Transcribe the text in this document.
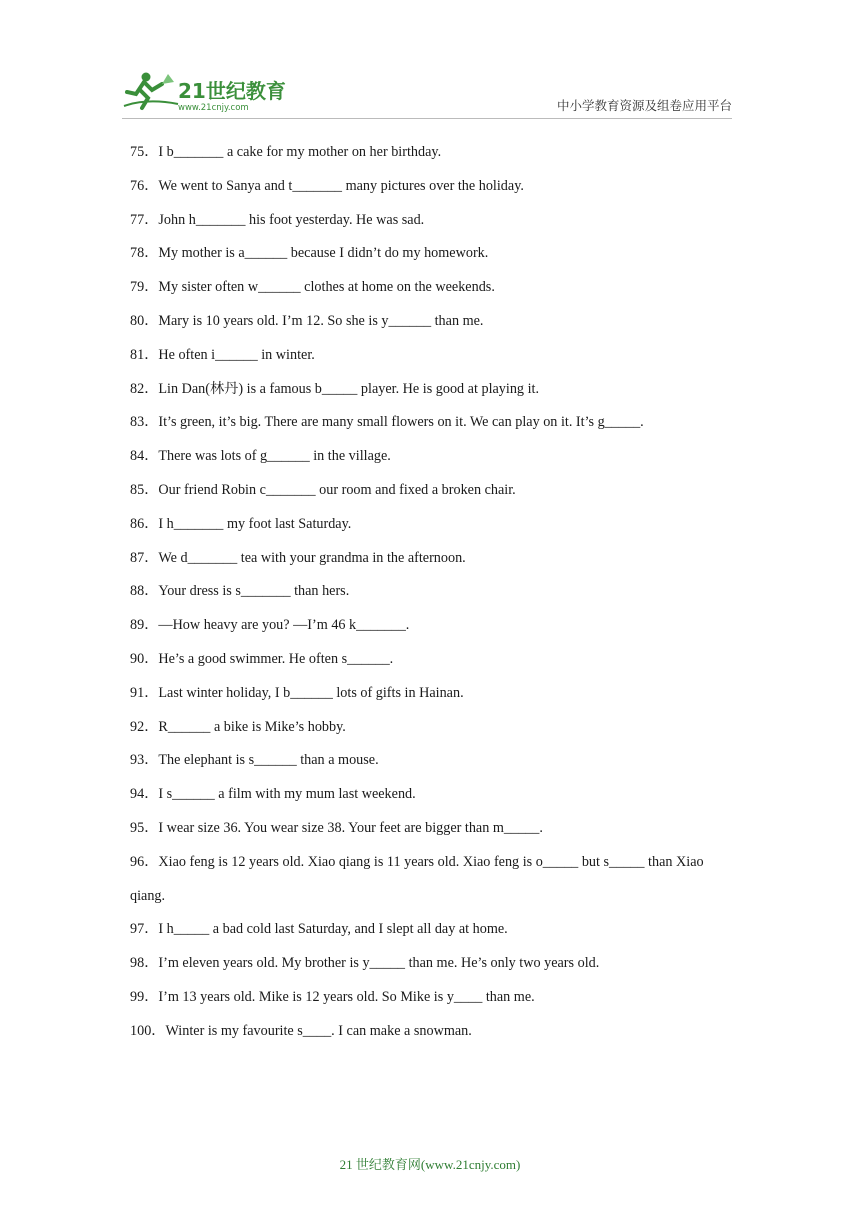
21世纪教育
www.21cnjy.com	中小学教育资源及组卷应用平台
75．I b_______ a cake for my mother on her birthday.
76．We went to Sanya and t_______ many pictures over the holiday.
77．John h_______ his foot yesterday. He was sad.
78．My mother is a______ because I didn’t do my homework.
79．My sister often w______ clothes at home on the weekends.
80．Mary is 10 years old. I’m 12. So she is y______ than me.
81．He often i______ in winter.
82．Lin Dan(林丹) is a famous b_____ player. He is good at playing it.
83．It’s green, it’s big. There are many small flowers on it. We can play on it. It’s g_____.
84．There was lots of g______ in the village.
85．Our friend Robin c_______ our room and fixed a broken chair.
86．I h_______ my foot last Saturday.
87．We d_______ tea with your grandma in the afternoon.
88．Your dress is s_______ than hers.
89．—How heavy are you? —I’m 46 k_______.
90．He’s a good swimmer. He often s______.
91．Last winter holiday, I b______ lots of gifts in Hainan.
92．R______ a bike is Mike’s hobby.
93．The elephant is s______ than a mouse.
94．I s______ a film with my mum last weekend.
95．I wear size 36. You wear size 38. Your feet are bigger than m_____.
96．Xiao feng is 12 years old. Xiao qiang is 11 years old. Xiao feng is o_____ but s_____ than Xiao qiang.
97．I h_____ a bad cold last Saturday, and I slept all day at home.
98．I’m eleven years old. My brother is y_____ than me. He’s only two years old.
99．I’m 13 years old. Mike is 12 years old. So Mike is y____ than me.
100．Winter is my favourite s____. I can make a snowman.
21 世纪教育网(www.21cnjy.com)
